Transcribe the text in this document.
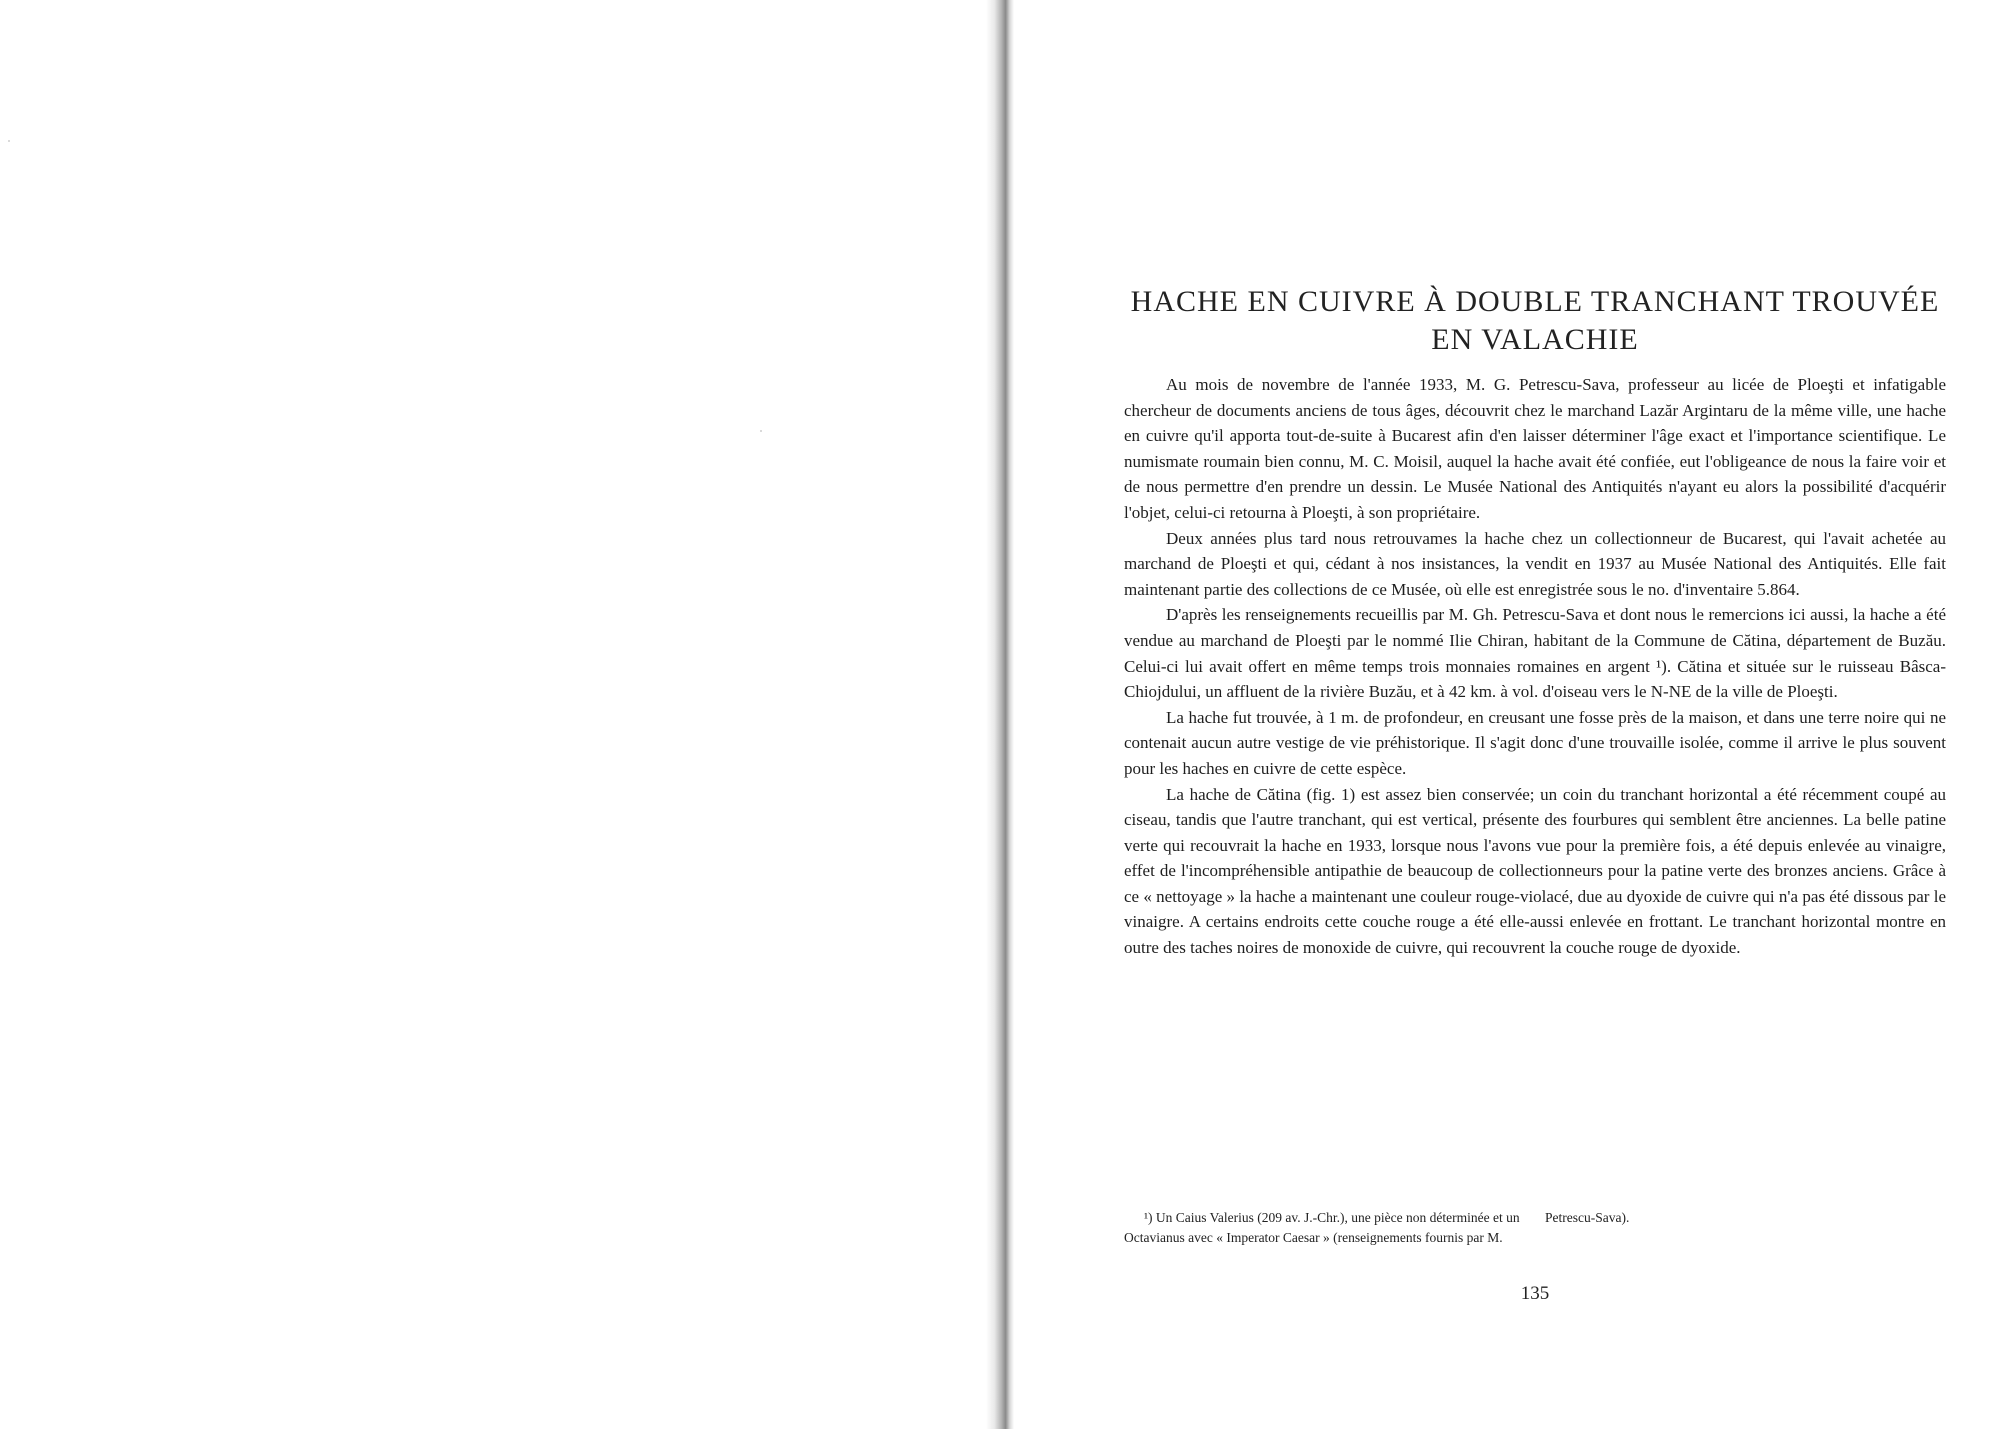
HACHE EN CUIVRE À DOUBLE TRANCHANT TROUVÉE
EN VALACHIE

Au mois de novembre de l'année 1933, M. G. Petrescu-Sava, professeur au licée de Ploeşti et infatigable chercheur de documents anciens de tous âges, découvrit chez le marchand Lazăr Argintaru de la même ville, une hache en cuivre qu'il apporta tout-de-suite à Bucarest afin d'en laisser déterminer l'âge exact et l'importance scientifique. Le numismate roumain bien connu, M. C. Moisil, auquel la hache avait été confiée, eut l'obligeance de nous la faire voir et de nous permettre d'en prendre un dessin. Le Musée National des Antiquités n'ayant eu alors la possibilité d'acquérir l'objet, celui-ci retourna à Ploeşti, à son propriétaire.

Deux années plus tard nous retrouvames la hache chez un collectionneur de Bucarest, qui l'avait achetée au marchand de Ploeşti et qui, cédant à nos insistances, la vendit en 1937 au Musée National des Antiquités. Elle fait maintenant partie des collections de ce Musée, où elle est enregistrée sous le no. d'inventaire 5.864.

D'après les renseignements recueillis par M. Gh. Petrescu-Sava et dont nous le remercions ici aussi, la hache a été vendue au marchand de Ploeşti par le nommé Ilie Chiran, habitant de la Commune de Cătina, département de Buzău. Celui-ci lui avait offert en même temps trois monnaies romaines en argent ¹). Cătina et située sur le ruisseau Bâsca-Chiojdului, un affluent de la rivière Buzău, et à 42 km. à vol. d'oiseau vers le N-NE de la ville de Ploeşti.

La hache fut trouvée, à 1 m. de profondeur, en creusant une fosse près de la maison, et dans une terre noire qui ne contenait aucun autre vestige de vie préhistorique. Il s'agit donc d'une trouvaille isolée, comme il arrive le plus souvent pour les haches en cuivre de cette espèce.

La hache de Cătina (fig. 1) est assez bien conservée; un coin du tranchant horizontal a été récemment coupé au ciseau, tandis que l'autre tranchant, qui est vertical, présente des fourbures qui semblent être anciennes. La belle patine verte qui recouvrait la hache en 1933, lorsque nous l'avons vue pour la première fois, a été depuis enlevée au vinaigre, effet de l'incompréhensible antipathie de beaucoup de collectionneurs pour la patine verte des bronzes anciens. Grâce à ce « nettoyage » la hache a maintenant une couleur rouge-violacé, due au dyoxide de cuivre qui n'a pas été dissous par le vinaigre. A certains endroits cette couche rouge a été elle-aussi enlevée en frottant. Le tranchant horizontal montre en outre des taches noires de monoxide de cuivre, qui recouvrent la couche rouge de dyoxide.

¹) Un Caius Valerius (209 av. J.-Chr.), une pièce non déterminée et un Octavianus avec « Imperator Caesar » (renseignements fournis par M. Petrescu-Sava).

135
